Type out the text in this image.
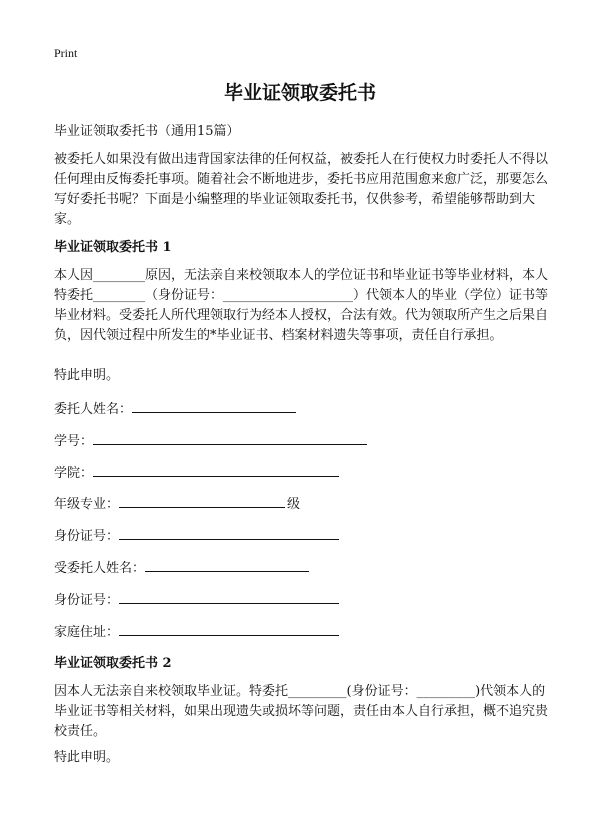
Print
毕业证领取委托书
毕业证领取委托书（通用15篇）
被委托人如果没有做出违背国家法律的任何权益，被委托人在行使权力时委托人不得以任何理由反悔委托事项。随着社会不断地进步，委托书应用范围愈来愈广泛，那要怎么写好委托书呢？下面是小编整理的毕业证领取委托书，仅供参考，希望能够帮助到大家。
毕业证领取委托书 1
本人因________原因，无法亲自来校领取本人的学位证书和毕业证书等毕业材料，本人特委托________（身份证号：____________________）代领本人的毕业（学位）证书等毕业材料。受委托人所代理领取行为经本人授权，合法有效。代为领取所产生之后果自负，因代领过程中所发生的*毕业证书、档案材料遗失等事项，责任自行承担。
特此申明。
委托人姓名：
学号：
学院：
年级专业：	级
身份证号：
受委托人姓名：
身份证号：
家庭住址：
毕业证领取委托书 2
因本人无法亲自来校领取毕业证。特委托_________(身份证号：_________)代领本人的毕业证书等相关材料，如果出现遗失或损坏等问题，责任由本人自行承担，概不追究贵校责任。
特此申明。
